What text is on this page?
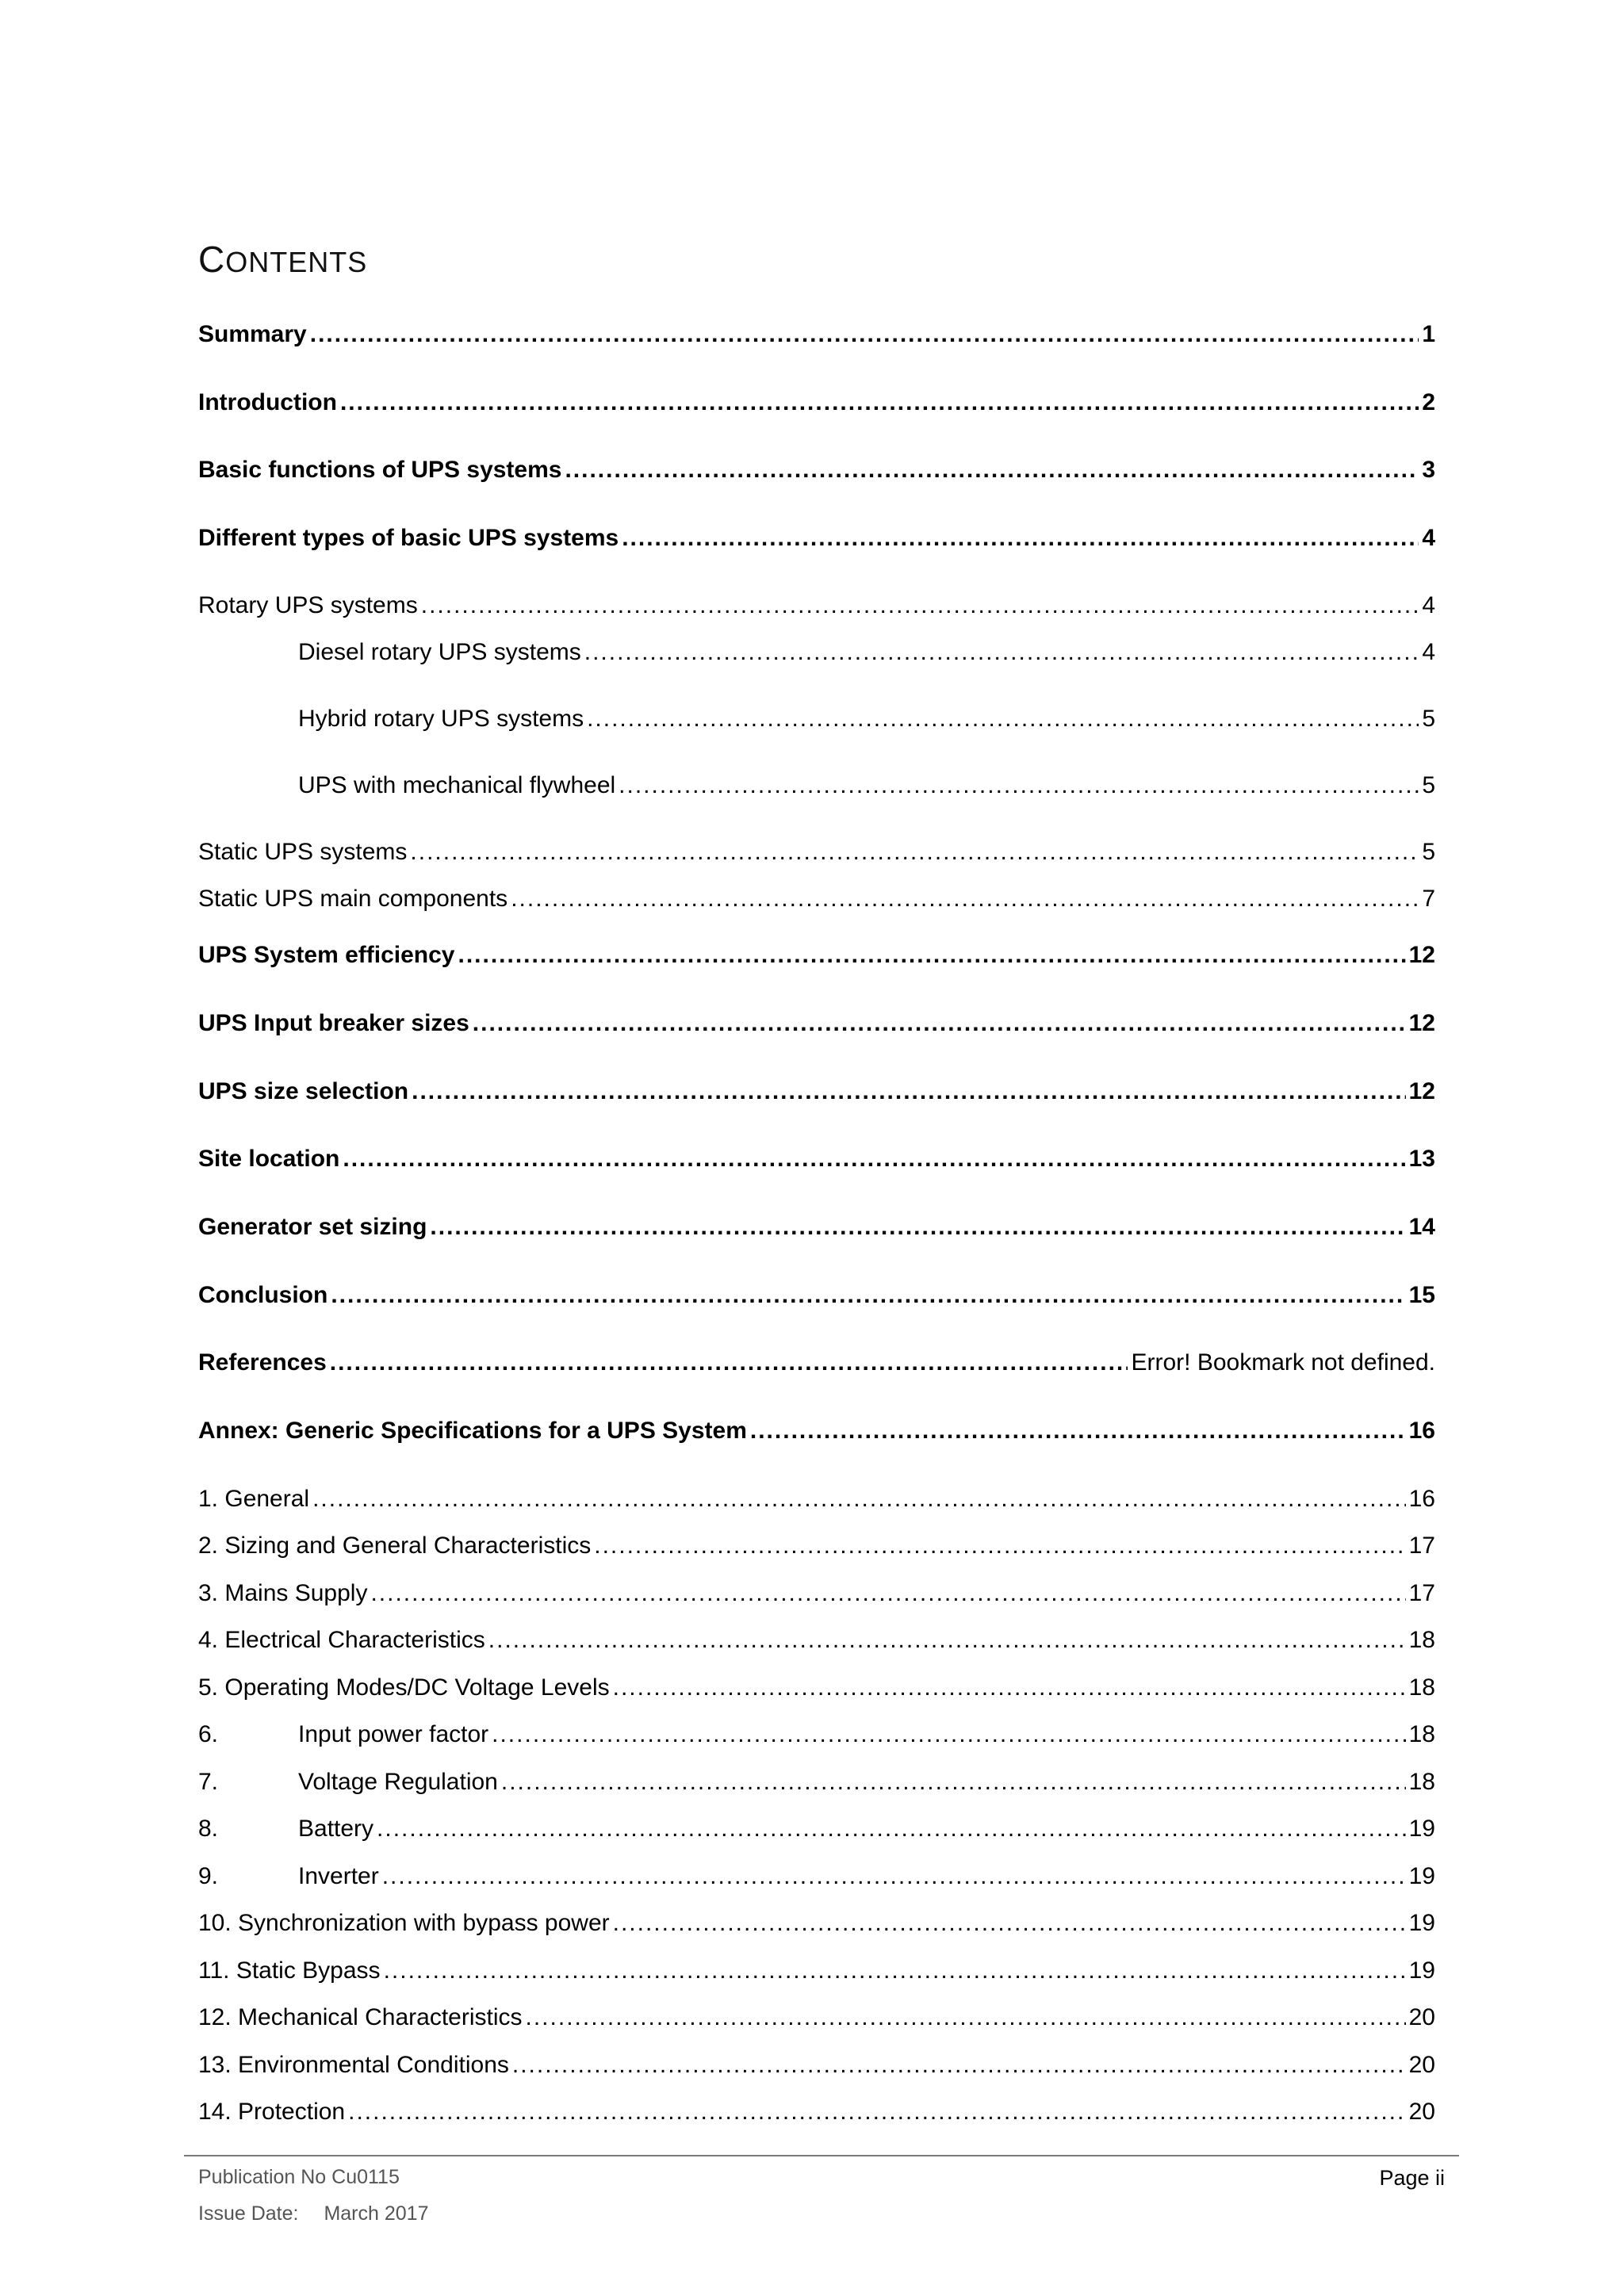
CONTENTS
Summary .....	1
Introduction .....	2
Basic functions of UPS systems .....	3
Different types of basic UPS systems .....	4
Rotary UPS systems .....	4
Diesel rotary UPS systems .....	4
Hybrid rotary UPS systems .....	5
UPS with mechanical flywheel .....	5
Static UPS systems .....	5
Static UPS main components .....	7
UPS System efficiency .....	12
UPS Input breaker sizes .....	12
UPS size selection .....	12
Site location .....	13
Generator set sizing .....	14
Conclusion .....	15
References .....	Error! Bookmark not defined.
Annex: Generic Specifications for a UPS System .....	16
1. General .....	16
2. Sizing and General Characteristics .....	17
3. Mains Supply .....	17
4. Electrical Characteristics .....	18
5. Operating Modes/DC Voltage Levels .....	18
6.	Input power factor .....	18
7.	Voltage Regulation .....	18
8.	Battery .....	19
9.	Inverter .....	19
10. Synchronization with bypass power .....	19
11. Static Bypass .....	19
12. Mechanical Characteristics .....	20
13. Environmental Conditions .....	20
14. Protection .....	20
Publication No Cu0115
Issue Date: March 2017
Page ii
